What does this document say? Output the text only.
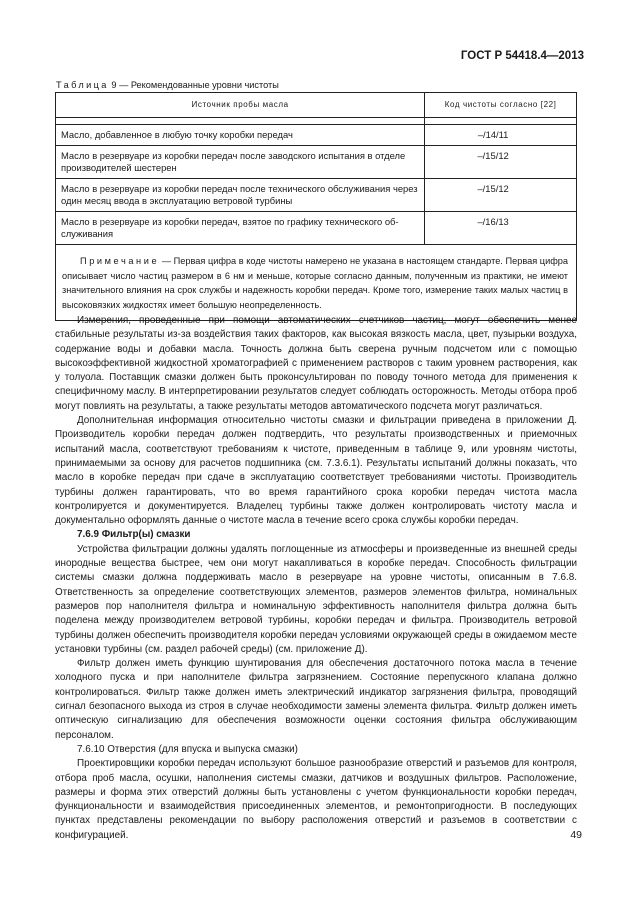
ГОСТ Р 54418.4—2013
Таблица 9 — Рекомендованные уровни чистоты
Источник пробы масла	Код чистоты согласно [22]

Масло, добавленное в любую точку коробки передач	–/14/11
Масло в резервуаре из коробки передач после заводского испытания в отделе производителей шестерен	–/15/12
Масло в резервуаре из коробки передач после технического обслуживания через один месяц ввода в эксплуатацию ветровой турбины	–/15/12
Масло в резервуаре из коробки передач, взятое по графику технического об-служивания	–/16/13
Примечание — Первая цифра в коде чистоты намерено не указана в настоящем стандарте. Первая цифра описывает число частиц размером в 6 нм и меньше, которые согласно данным, полученным из практики, не имеют значительного влияния на срок службы и надежность коробки передач. Кроме того, измерение таких малых частиц в высоковязких жидкостях имеет большую неопределенность.	

Измерения, проведенные при помощи автоматических счетчиков частиц, могут обеспечить менее стабильные результаты из-за воздействия таких факторов, как высокая вязкость масла, цвет, пузырьки воздуха, содержание воды и добавки масла. Точность должна быть сверена ручным подсчетом или с помощью высокоэффективной жидкостной хроматографией с применением растворов с таким уровнем растворения, как у толуола. Поставщик смазки должен быть проконсультирован по поводу точного метода для применения к специфичному маслу. В интерпретировании результатов следует соблюдать осторожность. Методы отбора проб могут повлиять на результаты, а также результаты методов автоматического подсчета могут различаться.

Дополнительная информация относительно чистоты смазки и фильтрации приведена в приложении Д. Производитель коробки передач должен подтвердить, что результаты производственных и приемочных испытаний масла, соответствуют требованиям к чистоте, приведенным в таблице 9, или уровням чистоты, принимаемыми за основу для расчетов подшипника (см. 7.3.6.1). Результаты испытаний должны показать, что масло в коробке передач при сдаче в эксплуатацию соответствует требованиями чистоты. Производитель турбины должен гарантировать, что во время гарантийного срока коробки передач чистота масла контролируется и документируется. Владелец турбины также должен контролировать чистоту масла и документально оформлять данные о чистоте масла в течение всего срока службы коробки передач.

7.6.9 Фильтр(ы) смазки

Устройства фильтрации должны удалять поглощенные из атмосферы и произведенные из внешней среды инородные вещества быстрее, чем они могут накапливаться в коробке передач. Способность фильтрации системы смазки должна поддерживать масло в резервуаре на уровне чистоты, описанным в 7.6.8. Ответственность за определение соответствующих элементов, размеров элементов фильтра, номинальных размеров пор наполнителя фильтра и номинальную эффективность наполнителя фильтра должна быть поделена между производителем ветровой турбины, коробки передач и фильтра. Производитель ветровой турбины должен обеспечить производителя коробки передач условиями окружающей среды в ожидаемом месте установки турбины (см. раздел рабочей среды) (см. приложение Д).

Фильтр должен иметь функцию шунтирования для обеспечения достаточного потока масла в течение холодного пуска и при наполнителе фильтра загрязнением. Состояние перепускного клапана должно контролироваться. Фильтр также должен иметь электрический индикатор загрязнения фильтра, проводящий сигнал безопасного выхода из строя в случае необходимости замены элемента фильтра. Фильтр должен иметь оптическую сигнализацию для обеспечения возможности оценки состояния фильтра обслуживающим персоналом.

7.6.10 Отверстия (для впуска и выпуска смазки)

Проектировщики коробки передач используют большое разнообразие отверстий и разъемов для контроля, отбора проб масла, осушки, наполнения системы смазки, датчиков и воздушных фильтров. Расположение, размеры и форма этих отверстий должны быть установлены с учетом функциональности коробки передач, функциональности и взаимодействия присоединенных элементов, и ремонтопригодности. В последующих пунктах представлены рекомендации по выбору расположения отверстий и разъемов в соответствии с конфигурацией.	49
